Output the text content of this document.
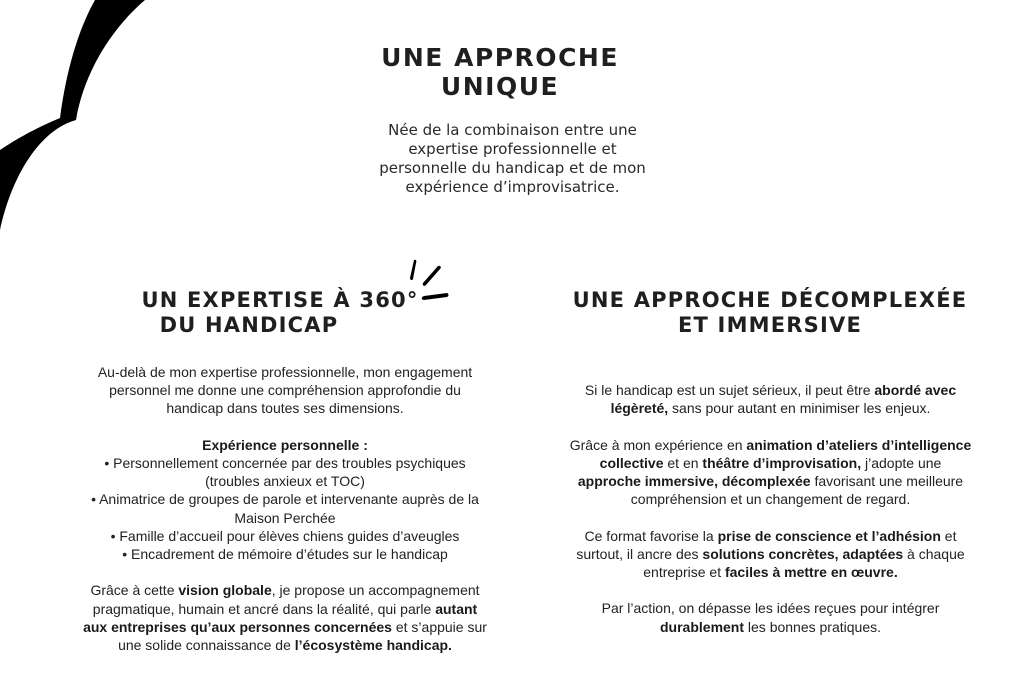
UNE APPROCHE
UNIQUE

Née de la combinaison entre une
expertise professionnelle et
personnelle du handicap et de mon
expérience d’improvisatrice.

UN EXPERTISE À 360°
DU HANDICAP
UNE APPROCHE DÉCOMPLEXÉE
ET IMMERSIVE

Au-delà de mon expertise professionnelle, mon engagement
personnel me donne une compréhension approfondie du
handicap dans toutes ses dimensions.

Expérience personnelle :
• Personnellement concernée par des troubles psychiques
(troubles anxieux et TOC)
• Animatrice de groupes de parole et intervenante auprès de la
Maison Perchée
• Famille d’accueil pour élèves chiens guides d’aveugles
• Encadrement de mémoire d’études sur le handicap

Grâce à cette vision globale, je propose un accompagnement
pragmatique, humain et ancré dans la réalité, qui parle autant
aux entreprises qu’aux personnes concernées et s’appuie sur
une solide connaissance de l’écosystème handicap.

Si le handicap est un sujet sérieux, il peut être abordé avec
légèreté, sans pour autant en minimiser les enjeux.

Grâce à mon expérience en animation d’ateliers d’intelligence
collective et en théâtre d’improvisation, j’adopte une
approche immersive, décomplexée favorisant une meilleure
compréhension et un changement de regard.

Ce format favorise la prise de conscience et l’adhésion et
surtout, il ancre des solutions concrètes, adaptées à chaque
entreprise et faciles à mettre en œuvre.

Par l’action, on dépasse les idées reçues pour intégrer
durablement les bonnes pratiques.
